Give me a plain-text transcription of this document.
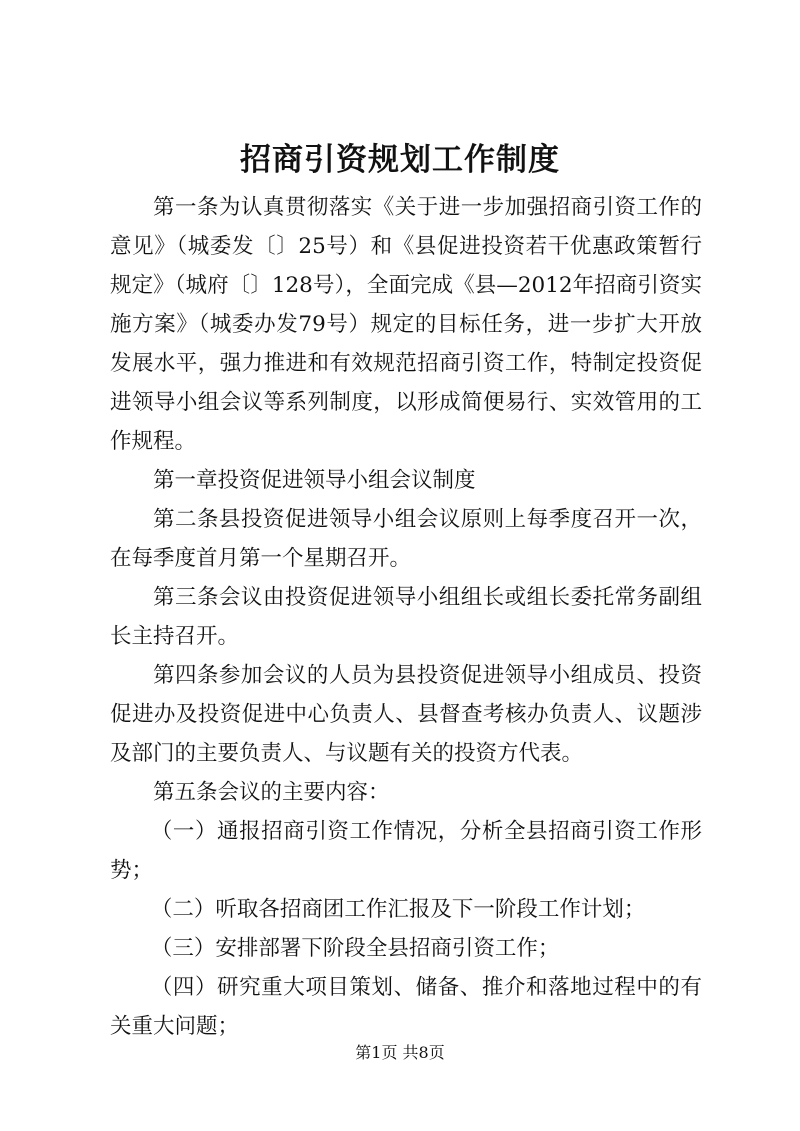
招商引资规划工作制度

第一条为认真贯彻落实《关于进一步加强招商引资工作的意见》（城委发〔〕25号）和《县促进投资若干优惠政策暂行规定》（城府〔〕128号），全面完成《县—2012年招商引资实施方案》（城委办发79号）规定的目标任务，进一步扩大开放发展水平，强力推进和有效规范招商引资工作，特制定投资促进领导小组会议等系列制度，以形成简便易行、实效管用的工作规程。

第一章投资促进领导小组会议制度

第二条县投资促进领导小组会议原则上每季度召开一次，在每季度首月第一个星期召开。

第三条会议由投资促进领导小组组长或组长委托常务副组长主持召开。

第四条参加会议的人员为县投资促进领导小组成员、投资促进办及投资促进中心负责人、县督查考核办负责人、议题涉及部门的主要负责人、与议题有关的投资方代表。

第五条会议的主要内容：

（一）通报招商引资工作情况，分析全县招商引资工作形势；

（二）听取各招商团工作汇报及下一阶段工作计划；

（三）安排部署下阶段全县招商引资工作；

（四）研究重大项目策划、储备、推介和落地过程中的有关重大问题；

第1页 共8页
